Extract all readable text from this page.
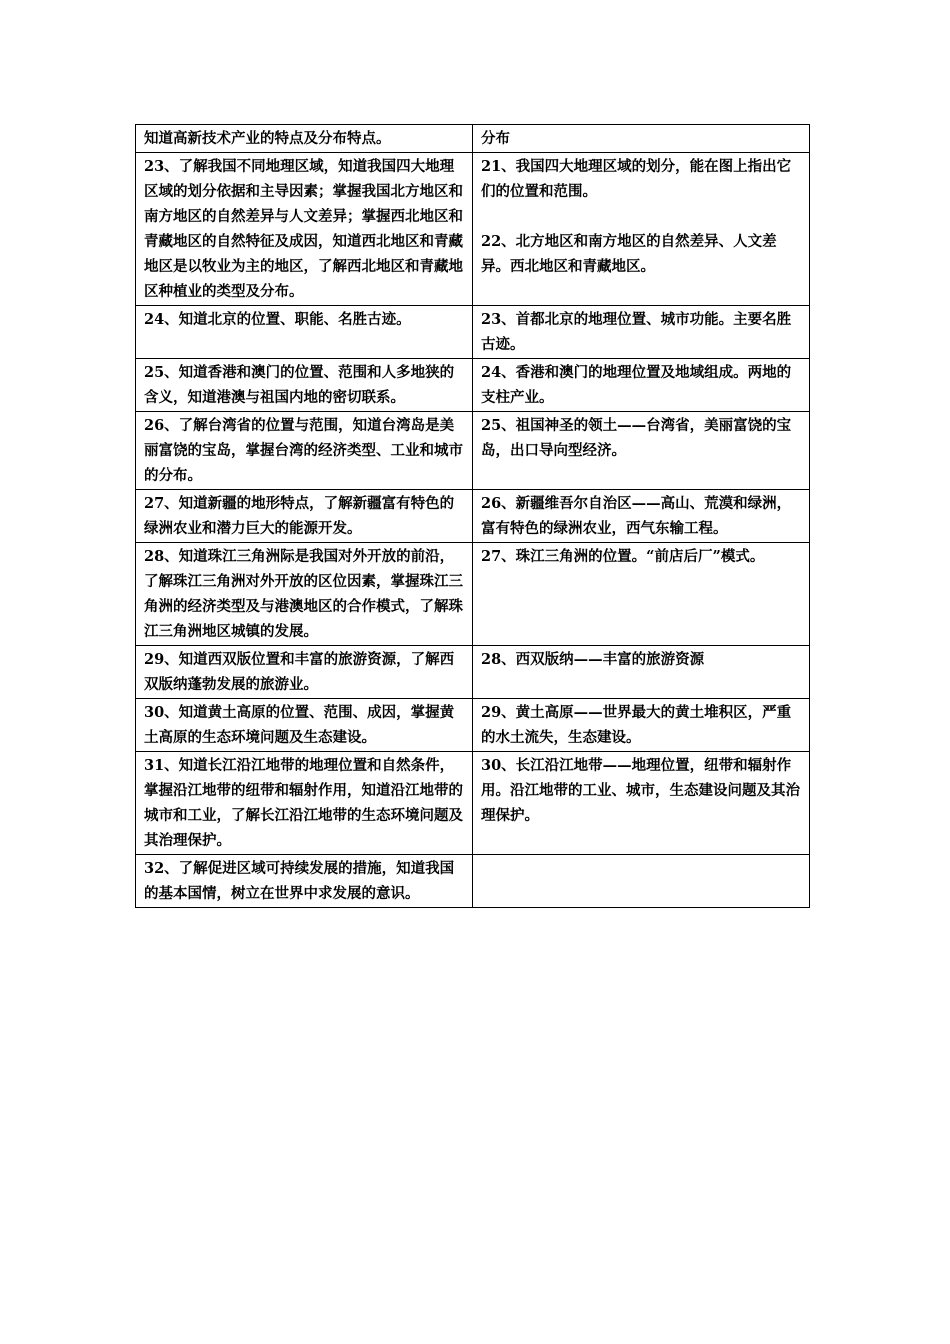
知道高新技术产业的特点及分布特点。	分布

23、了解我国不同地理区域，知道我国四大地理区域的划分依据和主导因素；掌握我国北方地区和南方地区的自然差异与人文差异；掌握西北地区和青藏地区的自然特征及成因，知道西北地区和青藏地区是以牧业为主的地区，了解西北地区和青藏地区种植业的类型及分布。	21、我国四大地理区域的划分，能在图上指出它们的位置和范围。
22、北方地区和南方地区的自然差异、人文差异。西北地区和青藏地区。

24、知道北京的位置、职能、名胜古迹。	23、首都北京的地理位置、城市功能。主要名胜古迹。

25、知道香港和澳门的位置、范围和人多地狭的含义，知道港澳与祖国内地的密切联系。	24、香港和澳门的地理位置及地域组成。两地的支柱产业。

26、了解台湾省的位置与范围，知道台湾岛是美丽富饶的宝岛，掌握台湾的经济类型、工业和城市的分布。	25、祖国神圣的领土——台湾省，美丽富饶的宝岛，出口导向型经济。

27、知道新疆的地形特点，了解新疆富有特色的绿洲农业和潜力巨大的能源开发。	26、新疆维吾尔自治区——高山、荒漠和绿洲，富有特色的绿洲农业，西气东输工程。

28、知道珠江三角洲际是我国对外开放的前沿，了解珠江三角洲对外开放的区位因素，掌握珠江三角洲的经济类型及与港澳地区的合作模式，了解珠江三角洲地区城镇的发展。	27、珠江三角洲的位置。“前店后厂”模式。

29、知道西双版位置和丰富的旅游资源，了解西双版纳蓬勃发展的旅游业。	28、西双版纳——丰富的旅游资源

30、知道黄土高原的位置、范围、成因，掌握黄土高原的生态环境问题及生态建设。	29、黄土高原——世界最大的黄土堆积区，严重的水土流失，生态建设。

31、知道长江沿江地带的地理位置和自然条件，掌握沿江地带的纽带和辐射作用，知道沿江地带的城市和工业，了解长江沿江地带的生态环境问题及其治理保护。	30、长江沿江地带——地理位置，纽带和辐射作用。沿江地带的工业、城市，生态建设问题及其治理保护。

32、了解促进区域可持续发展的措施，知道我国的基本国情，树立在世界中求发展的意识。	
